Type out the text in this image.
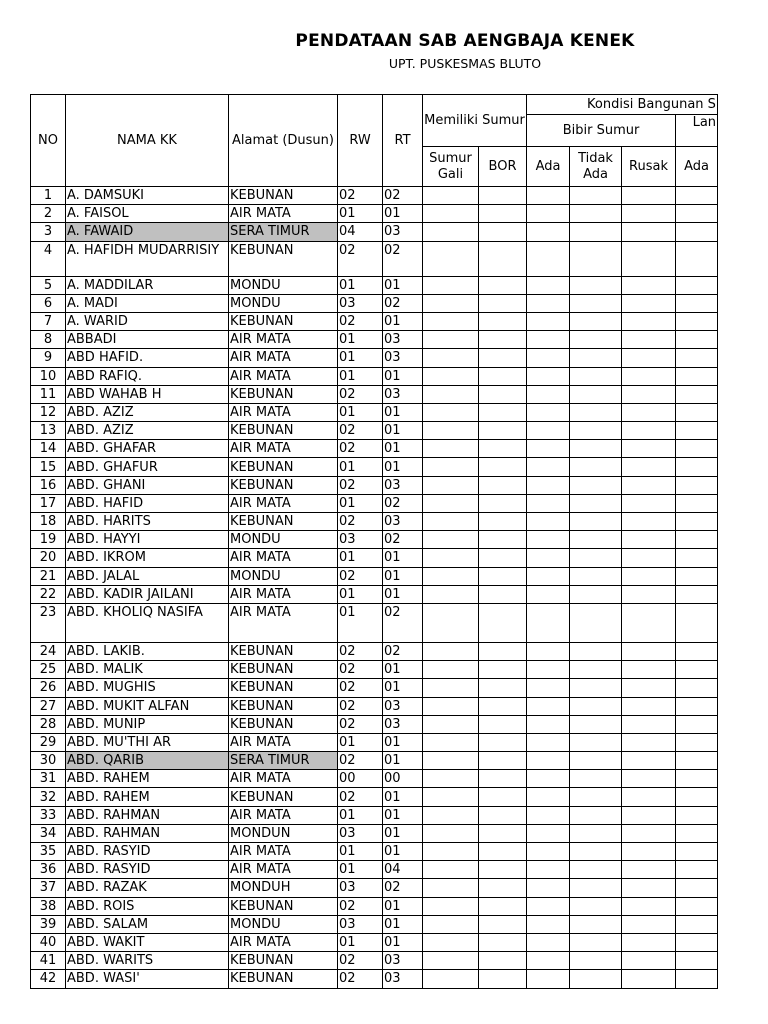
PENDATAAN SAB AENGBAJA KENEK
UPT. PUSKESMAS BLUTO
NO	NAMA KK	Alamat (Dusun)	RW	RT	Memiliki Sumur		Kondisi Bangunan S			
							Bibir Sumur			Lan
					Sumur Gali	BOR	Ada	Tidak Ada	Rusak	Ada
1	A. DAMSUKI	KEBUNAN	02	02						
2	A. FAISOL	AIR MATA	01	01						
3	A. FAWAID	SERA TIMUR	04	03						
4	A. HAFIDH MUDARRISIY	KEBUNAN	02	02						
5	A. MADDILAR	MONDU	01	01						
6	A. MADI	MONDU	03	02						
7	A. WARID	KEBUNAN	02	01						
8	ABBADI	AIR MATA	01	03						
9	ABD HAFID.	AIR MATA	01	03						
10	ABD RAFIQ.	AIR MATA	01	01						
11	ABD WAHAB H	KEBUNAN	02	03						
12	ABD. AZIZ	AIR MATA	01	01						
13	ABD. AZIZ	KEBUNAN	02	01						
14	ABD. GHAFAR	AIR MATA	02	01						
15	ABD. GHAFUR	KEBUNAN	01	01						
16	ABD. GHANI	KEBUNAN	02	03						
17	ABD. HAFID	AIR MATA	01	02						
18	ABD. HARITS	KEBUNAN	02	03						
19	ABD. HAYYI	MONDU	03	02						
20	ABD. IKROM	AIR MATA	01	01						
21	ABD. JALAL	MONDU	02	01						
22	ABD. KADIR JAILANI	AIR MATA	01	01						
23	ABD. KHOLIQ NASIFA	AIR MATA	01	02						
24	ABD. LAKIB.	KEBUNAN	02	02						
25	ABD. MALIK	KEBUNAN	02	01						
26	ABD. MUGHIS	KEBUNAN	02	01						
27	ABD. MUKIT ALFAN	KEBUNAN	02	03						
28	ABD. MUNIP	KEBUNAN	02	03						
29	ABD. MU'THI AR	AIR MATA	01	01						
30	ABD. QARIB	SERA TIMUR	02	01						
31	ABD. RAHEM	AIR MATA	00	00						
32	ABD. RAHEM	KEBUNAN	02	01						
33	ABD. RAHMAN	AIR MATA	01	01						
34	ABD. RAHMAN	MONDUN	03	01						
35	ABD. RASYID	AIR MATA	01	01						
36	ABD. RASYID	AIR MATA	01	04						
37	ABD. RAZAK	MONDUH	03	02						
38	ABD. ROIS	KEBUNAN	02	01						
39	ABD. SALAM	MONDU	03	01						
40	ABD. WAKIT	AIR MATA	01	01						
41	ABD. WARITS	KEBUNAN	02	03						
42	ABD. WASI'	KEBUNAN	02	03						
